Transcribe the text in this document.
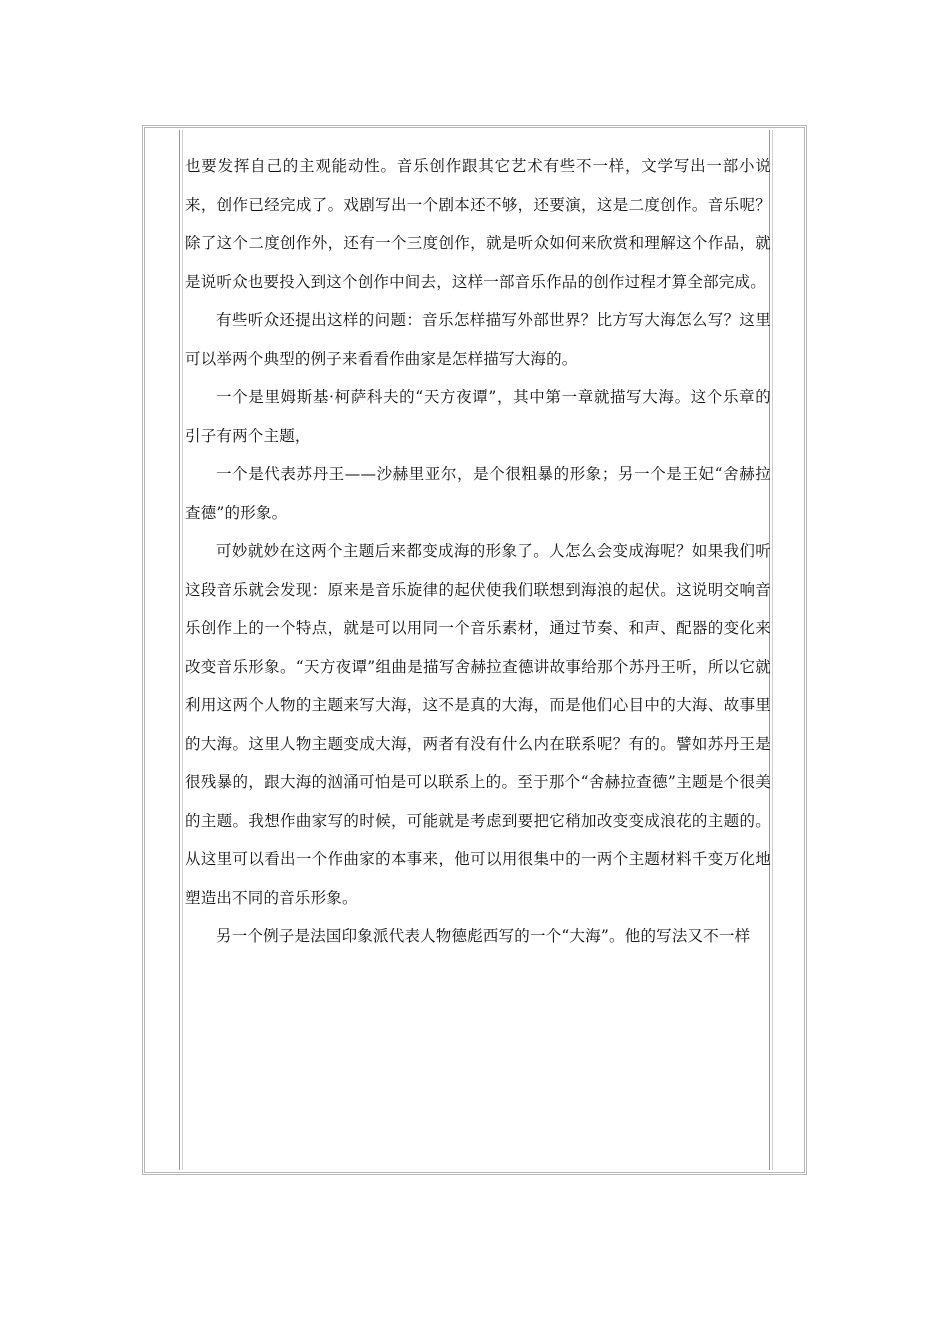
也要发挥自己的主观能动性。音乐创作跟其它艺术有些不一样，文学写出一部小说来，创作已经完成了。戏剧写出一个剧本还不够，还要演，这是二度创作。音乐呢？除了这个二度创作外，还有一个三度创作，就是听众如何来欣赏和理解这个作品，就是说听众也要投入到这个创作中间去，这样一部音乐作品的创作过程才算全部完成。

有些听众还提出这样的问题：音乐怎样描写外部世界？比方写大海怎么写？这里可以举两个典型的例子来看看作曲家是怎样描写大海的。

一个是里姆斯基·柯萨科夫的“天方夜谭”，其中第一章就描写大海。这个乐章的引子有两个主题，

一个是代表苏丹王——沙赫里亚尔，是个很粗暴的形象；另一个是王妃“舍赫拉查德”的形象。

可妙就妙在这两个主题后来都变成海的形象了。人怎么会变成海呢？如果我们听这段音乐就会发现：原来是音乐旋律的起伏使我们联想到海浪的起伏。这说明交响音乐创作上的一个特点，就是可以用同一个音乐素材，通过节奏、和声、配器的变化来改变音乐形象。“天方夜谭”组曲是描写舍赫拉查德讲故事给那个苏丹王听，所以它就利用这两个人物的主题来写大海，这不是真的大海，而是他们心目中的大海、故事里的大海。这里人物主题变成大海，两者有没有什么内在联系呢？有的。譬如苏丹王是很残暴的，跟大海的汹涌可怕是可以联系上的。至于那个“舍赫拉查德”主题是个很美的主题。我想作曲家写的时候，可能就是考虑到要把它稍加改变变成浪花的主题的。从这里可以看出一个作曲家的本事来，他可以用很集中的一两个主题材料千变万化地塑造出不同的音乐形象。

另一个例子是法国印象派代表人物德彪西写的一个“大海”。他的写法又不一样
